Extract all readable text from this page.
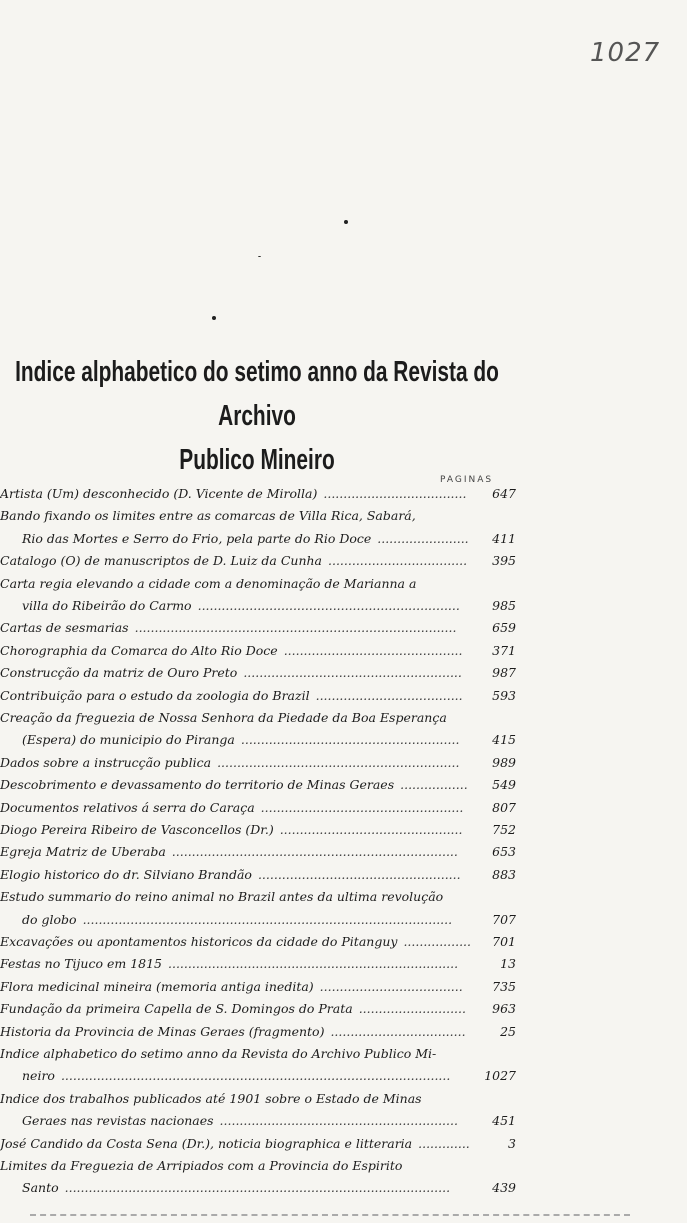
1027
Indice alphabetico do setimo anno da Revista do Archivo
Publico Mineiro
PAGINAS
Artista (Um) desconhecido (D. Vicente de Mirolla)	647
....................................
Bando fixando os limites entre as comarcas de Villa Rica, Sabará,
Rio das Mortes e Serro do Frio, pela parte do Rio Doce	411
.......................
Catalogo (O) de manuscriptos de D. Luiz da Cunha	395
...................................
Carta regia elevando a cidade com a denominação de Marianna a
villa do Ribeirão do Carmo	985
..................................................................
Cartas de sesmarias	659
.................................................................................
Chorographia da Comarca do Alto Rio Doce	371
.............................................
Construcção da matriz de Ouro Preto	987
.......................................................
Contribuição para o estudo da zoologia do Brazil	593
.....................................
Creação da freguezia de Nossa Senhora da Piedade da Boa Esperança
(Espera) do municipio do Piranga	415
.......................................................
Dados sobre a instrucção publica	989
.............................................................
Descobrimento e devassamento do territorio de Minas Geraes	549
.................
Documentos relativos á serra do Caraça	807
...................................................
Diogo Pereira Ribeiro de Vasconcellos (Dr.)	752
..............................................
Egreja Matriz de Uberaba	653
........................................................................
Elogio historico do dr. Silviano Brandão	883
...................................................
Estudo summario do reino animal no Brazil antes da ultima revolução
do globo	707
.............................................................................................
Excavações ou apontamentos historicos da cidade do Pitanguy	701
.................
Festas no Tijuco em 1815	13
.........................................................................
Flora medicinal mineira (memoria antiga inedita)	735
....................................
Fundação da primeira Capella de S. Domingos do Prata	963
...........................
Historia da Provincia de Minas Geraes (fragmento)	25
..................................
Indice alphabetico do setimo anno da Revista do Archivo Publico Mi-
neiro	1027
..................................................................................................
Indice dos trabalhos publicados até 1901 sobre o Estado de Minas
Geraes nas revistas nacionaes	451
............................................................
José Candido da Costa Sena (Dr.), noticia biographica e litteraria	3
.............
Limites da Freguezia de Arripiados com a Provincia do Espirito
Santo	439
.................................................................................................
